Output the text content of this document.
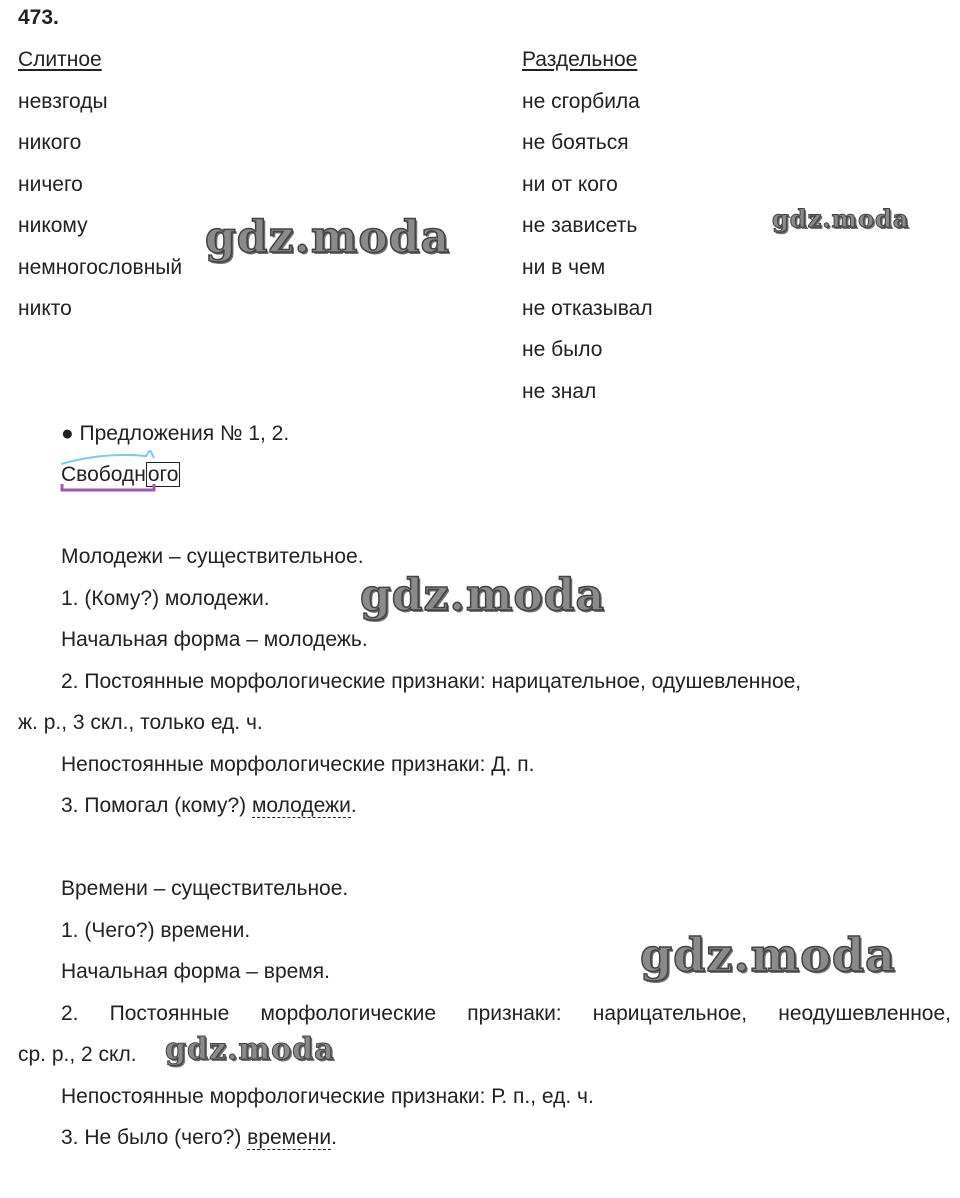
473.
Слитное
невзгоды
никого
ничего
никому
немногословный
никто
Раздельное
не сгорбила
не бояться
ни от кого
не зависеть
ни в чем
не отказывал
не было
не знал
● Предложения № 1, 2.
Свободного
Молодежи – существительное.
1. (Кому?) молодежи.
Начальная форма – молодежь.
2. Постоянные морфологические признаки: нарицательное, одушевленное,
ж. р., 3 скл., только ед. ч.
Непостоянные морфологические признаки: Д. п.
3. Помогал (кому?) молодежи.
Времени – существительное.
1. (Чего?) времени.
Начальная форма – время.
2. Постоянные морфологические признаки: нарицательное, неодушевленное,
ср. р., 2 скл.
Непостоянные морфологические признаки: Р. п., ед. ч.
3. Не было (чего?) времени.
gdz.moda	gdz.moda
gdz.moda
gdz.moda
gdz.moda
